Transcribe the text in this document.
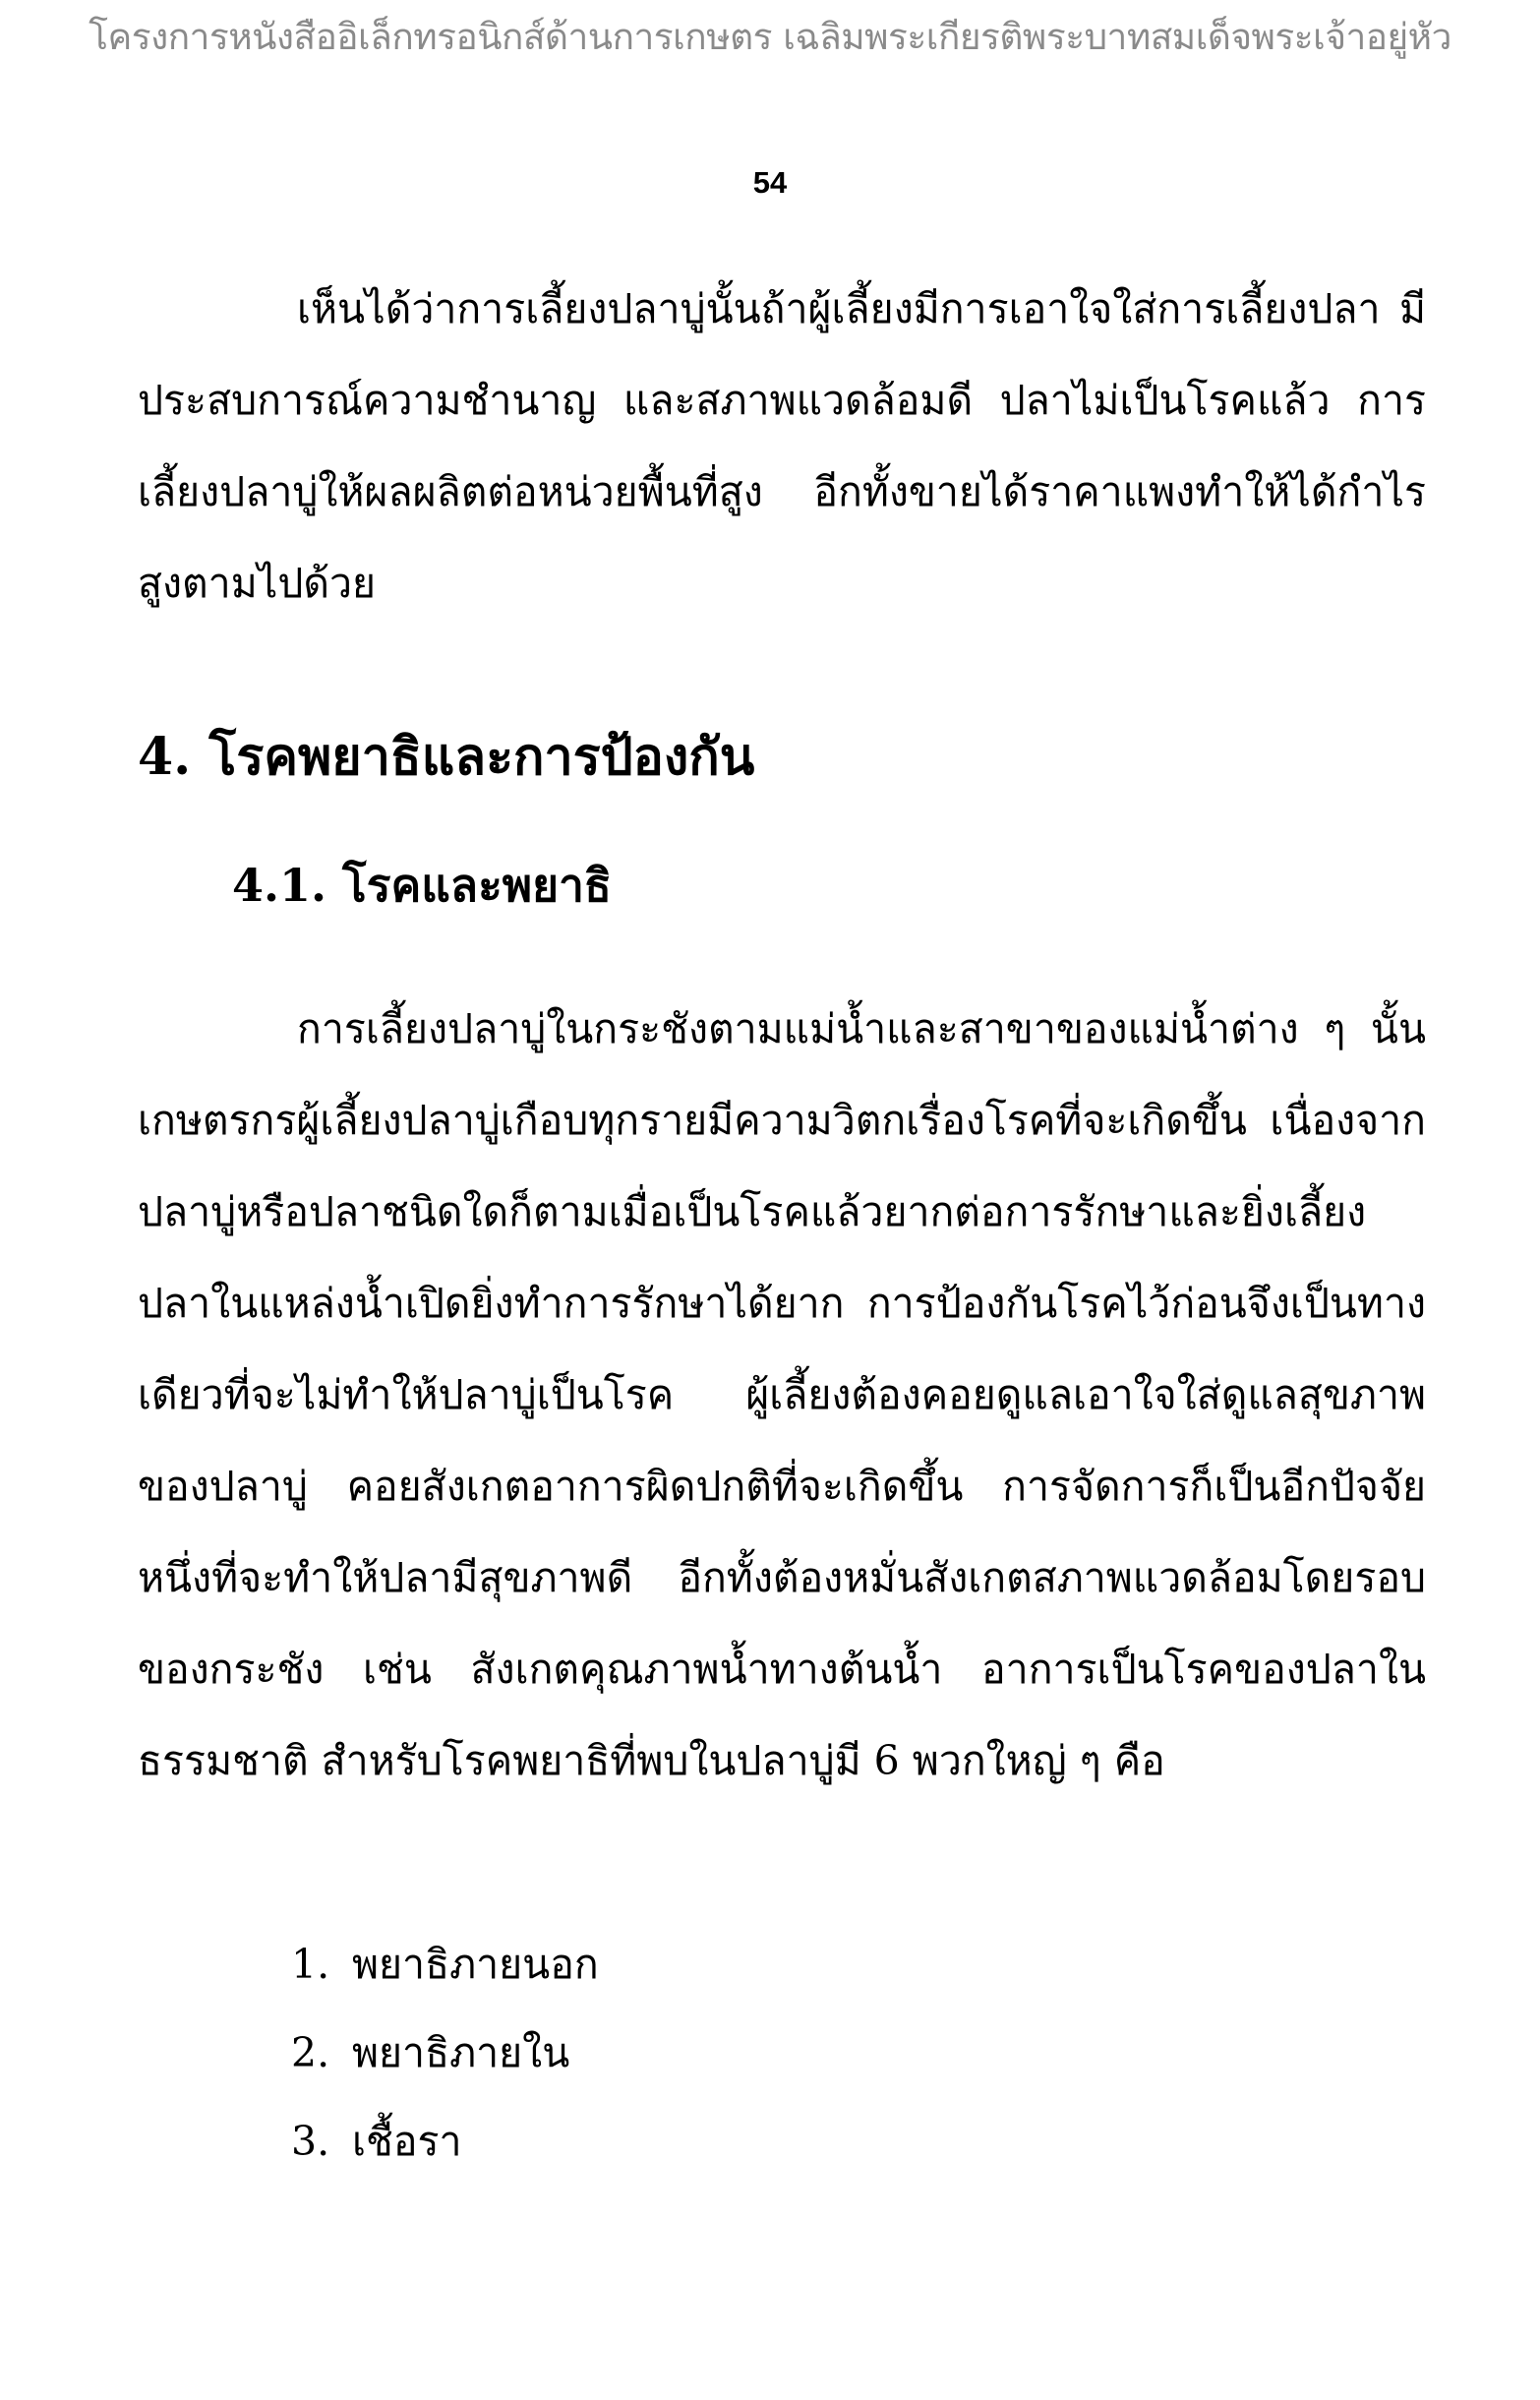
โครงการหนังสืออิเล็กทรอนิกส์ด้านการเกษตร เฉลิมพระเกียรติพระบาทสมเด็จพระเจ้าอยู่หัว
54

เห็นได้ว่าการเลี้ยงปลาบู่นั้นถ้าผู้เลี้ยงมีการเอาใจใส่การเลี้ยงปลา มีประสบการณ์ความชำนาญ และสภาพแวดล้อมดี ปลาไม่เป็นโรคแล้ว การเลี้ยงปลาบู่ให้ผลผลิตต่อหน่วยพื้นที่สูง อีกทั้งขายได้ราคาแพงทำให้ได้กำไรสูงตามไปด้วย

4. โรคพยาธิและการป้องกัน
4.1. โรคและพยาธิ

การเลี้ยงปลาบู่ในกระชังตามแม่น้ำและสาขาของแม่น้ำต่าง ๆ นั้น เกษตรกรผู้เลี้ยงปลาบู่เกือบทุกรายมีความวิตกเรื่องโรคที่จะเกิดขึ้น เนื่องจากปลาบู่หรือปลาชนิดใดก็ตามเมื่อเป็นโรคแล้วยากต่อการรักษาและยิ่งเลี้ยงปลาในแหล่งน้ำเปิดยิ่งทำการรักษาได้ยาก การป้องกันโรคไว้ก่อนจึงเป็นทางเดียวที่จะไม่ทำให้ปลาบู่เป็นโรค ผู้เลี้ยงต้องคอยดูแลเอาใจใส่ดูแลสุขภาพของปลาบู่ คอยสังเกตอาการผิดปกติที่จะเกิดขึ้น การจัดการก็เป็นอีกปัจจัยหนึ่งที่จะทำให้ปลามีสุขภาพดี อีกทั้งต้องหมั่นสังเกตสภาพแวดล้อมโดยรอบของกระชัง เช่น สังเกตคุณภาพน้ำทางต้นน้ำ อาการเป็นโรคของปลาในธรรมชาติ สำหรับโรคพยาธิที่พบในปลาบู่มี 6 พวกใหญ่ ๆ คือ

1. พยาธิภายนอก
2. พยาธิภายใน
3. เชื้อรา
